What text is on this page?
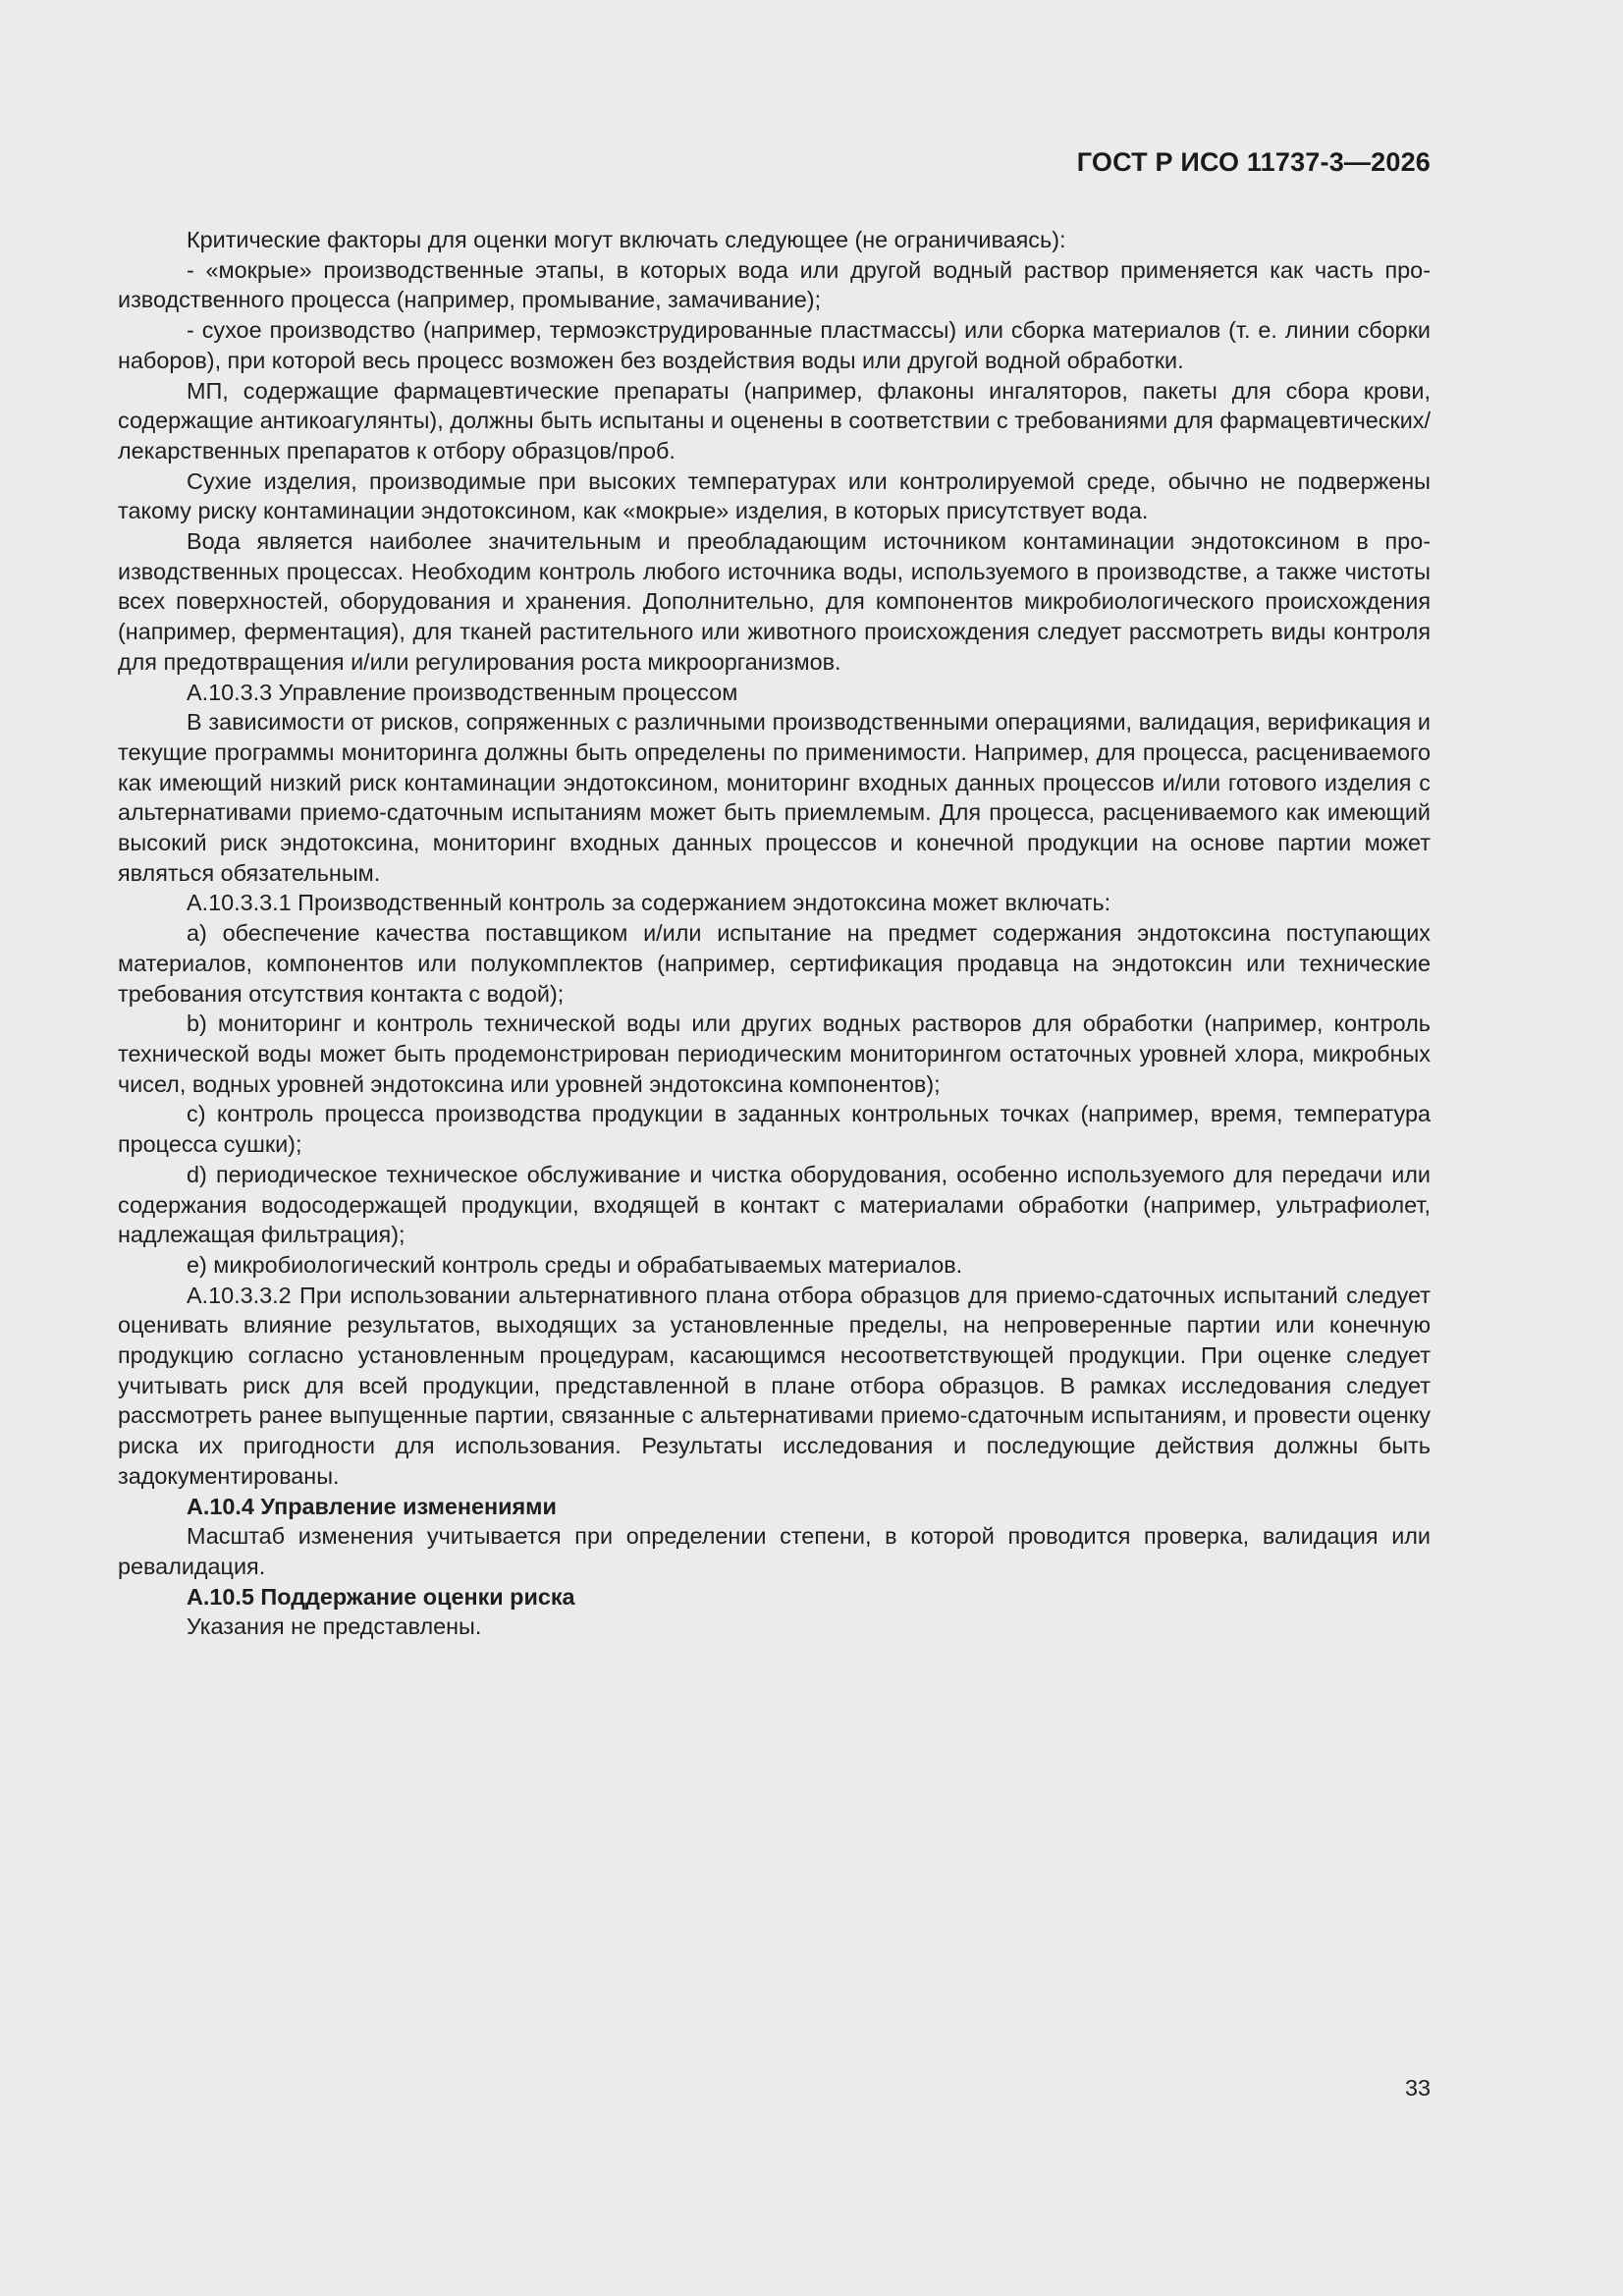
ГОСТ Р ИСО 11737-3—2026

Критические факторы для оценки могут включать следующее (не ограничиваясь):

- «мокрые» производственные этапы, в которых вода или другой водный раствор применяется как часть производственного процесса (например, промывание, замачивание);

- сухое производство (например, термоэкструдированные пластмассы) или сборка материалов (т. е. линии сборки наборов), при которой весь процесс возможен без воздействия воды или другой водной обработки.

МП, содержащие фармацевтические препараты (например, флаконы ингаляторов, пакеты для сбора крови, содержащие антикоагулянты), должны быть испытаны и оценены в соответствии с требованиями для фармацевтических/лекарственных препаратов к отбору образцов/проб.

Сухие изделия, производимые при высоких температурах или контролируемой среде, обычно не подвержены такому риску контаминации эндотоксином, как «мокрые» изделия, в которых присутствует вода.

Вода является наиболее значительным и преобладающим источником контаминации эндотоксином в производственных процессах. Необходим контроль любого источника воды, используемого в производстве, а также чистоты всех поверхностей, оборудования и хранения. Дополнительно, для компонентов микробиологического происхождения (например, ферментация), для тканей растительного или животного происхождения следует рассмотреть виды контроля для предотвращения и/или регулирования роста микроорганизмов.

А.10.3.3 Управление производственным процессом

В зависимости от рисков, сопряженных с различными производственными операциями, валидация, верификация и текущие программы мониторинга должны быть определены по применимости. Например, для процесса, расцениваемого как имеющий низкий риск контаминации эндотоксином, мониторинг входных данных процессов и/или готового изделия с альтернативами приемо-сдаточным испытаниям может быть приемлемым. Для процесса, расцениваемого как имеющий высокий риск эндотоксина, мониторинг входных данных процессов и конечной продукции на основе партии может являться обязательным.

А.10.3.3.1 Производственный контроль за содержанием эндотоксина может включать:

a) обеспечение качества поставщиком и/или испытание на предмет содержания эндотоксина поступающих материалов, компонентов или полукомплектов (например, сертификация продавца на эндотоксин или технические требования отсутствия контакта с водой);

b) мониторинг и контроль технической воды или других водных растворов для обработки (например, контроль технической воды может быть продемонстрирован периодическим мониторингом остаточных уровней хлора, микробных чисел, водных уровней эндотоксина или уровней эндотоксина компонентов);

c) контроль процесса производства продукции в заданных контрольных точках (например, время, температура процесса сушки);

d) периодическое техническое обслуживание и чистка оборудования, особенно используемого для передачи или содержания водосодержащей продукции, входящей в контакт с материалами обработки (например, ультрафиолет, надлежащая фильтрация);

e) микробиологический контроль среды и обрабатываемых материалов.

А.10.3.3.2 При использовании альтернативного плана отбора образцов для приемо-сдаточных испытаний следует оценивать влияние результатов, выходящих за установленные пределы, на непроверенные партии или конечную продукцию согласно установленным процедурам, касающимся несоответствующей продукции. При оценке следует учитывать риск для всей продукции, представленной в плане отбора образцов. В рамках исследования следует рассмотреть ранее выпущенные партии, связанные с альтернативами приемо-сдаточным испытаниям, и провести оценку риска их пригодности для использования. Результаты исследования и последующие действия должны быть задокументированы.

А.10.4 Управление изменениями

Масштаб изменения учитывается при определении степени, в которой проводится проверка, валидация или ревалидация.

А.10.5 Поддержание оценки риска

Указания не представлены.

33
